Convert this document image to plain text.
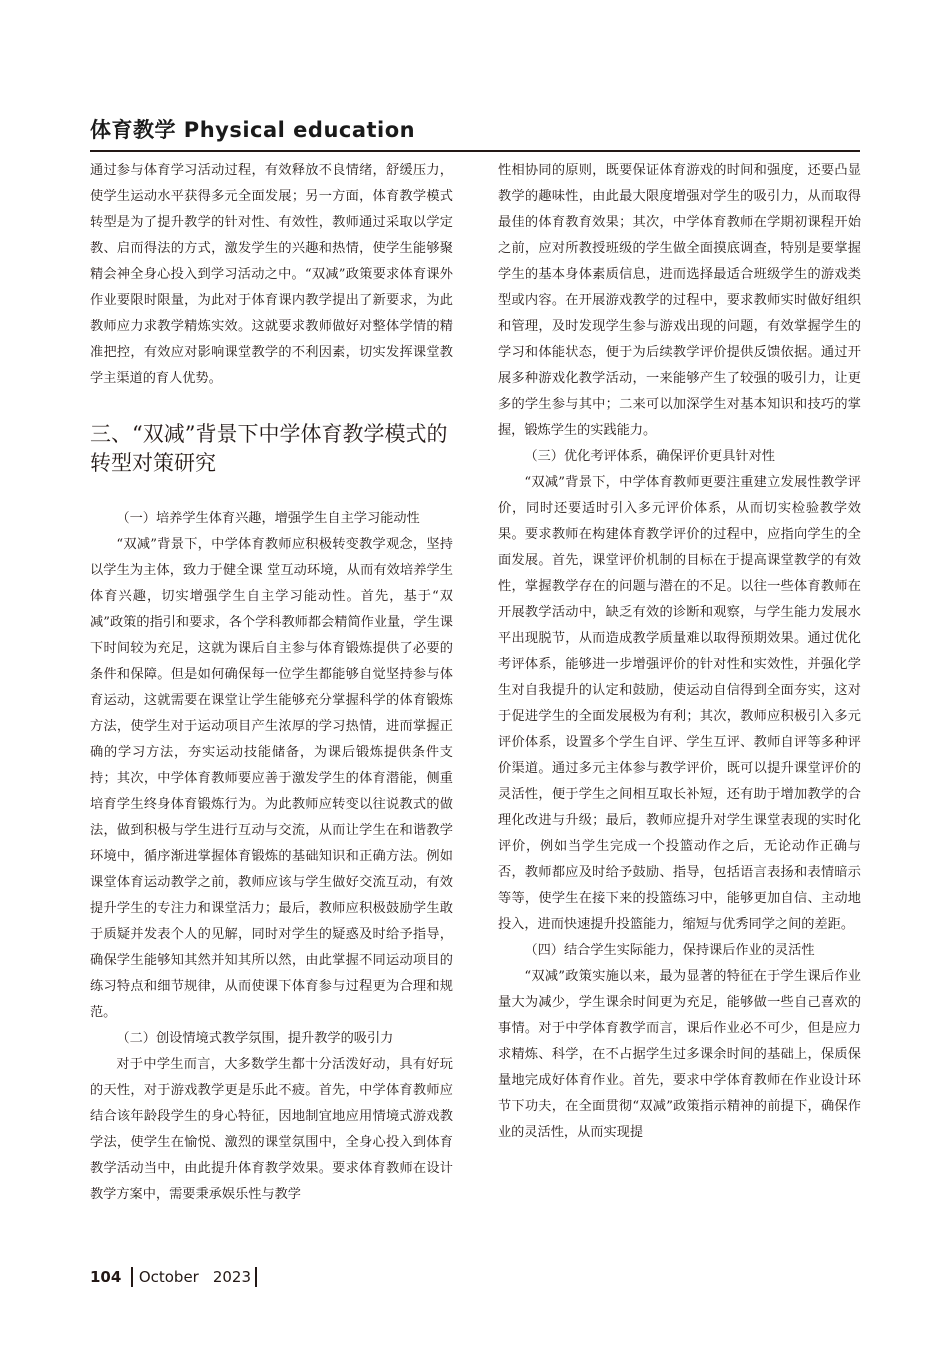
体育教学 Physical education

通过参与体育学习活动过程，有效释放不良情绪，舒缓压力，使学生运动水平获得多元全面发展；另一方面，体育教学模式转型是为了提升教学的针对性、有效性，教师通过采取以学定教、启而得法的方式，激发学生的兴趣和热情，使学生能够聚精会神全身心投入到学习活动之中。“双减”政策要求体育课外作业要限时限量，为此对于体育课内教学提出了新要求，为此教师应力求教学精炼实效。这就要求教师做好对整体学情的精准把控，有效应对影响课堂教学的不利因素，切实发挥课堂教学主渠道的育人优势。

三、“双减”背景下中学体育教学模式的转型对策研究

（一）培养学生体育兴趣，增强学生自主学习能动性

“双减”背景下，中学体育教师应积极转变教学观念，坚持以学生为主体，致力于健全课 堂互动环境，从而有效培养学生体育兴趣，切实增强学生自主学习能动性。首先，基于“双减”政策的指引和要求，各个学科教师都会精简作业量，学生课下时间较为充足，这就为课后自主参与体育锻炼提供了必要的条件和保障。但是如何确保每一位学生都能够自觉坚持参与体育运动，这就需要在课堂让学生能够充分掌握科学的体育锻炼方法，使学生对于运动项目产生浓厚的学习热情，进而掌握正确的学习方法，夯实运动技能储备，为课后锻炼提供条件支持；其次，中学体育教师要应善于激发学生的体育潜能，侧重培育学生终身体育锻炼行为。为此教师应转变以往说教式的做法，做到积极与学生进行互动与交流，从而让学生在和谐教学环境中，循序渐进掌握体育锻炼的基础知识和正确方法。例如课堂体育运动教学之前，教师应该与学生做好交流互动，有效提升学生的专注力和课堂活力；最后，教师应积极鼓励学生敢于质疑并发表个人的见解，同时对学生的疑惑及时给予指导，确保学生能够知其然并知其所以然，由此掌握不同运动项目的练习特点和细节规律，从而使课下体育参与过程更为合理和规范。

（二）创设情境式教学氛围，提升教学的吸引力

对于中学生而言，大多数学生都十分活泼好动，具有好玩的天性，对于游戏教学更是乐此不疲。首先，中学体育教师应结合该年龄段学生的身心特征，因地制宜地应用情境式游戏教学法，使学生在愉悦、激烈的课堂氛围中，全身心投入到体育教学活动当中，由此提升体育教学效果。要求体育教师在设计教学方案中，需要秉承娱乐性与教学

性相协同的原则，既要保证体育游戏的时间和强度，还要凸显教学的趣味性，由此最大限度增强对学生的吸引力，从而取得最佳的体育教育效果；其次，中学体育教师在学期初课程开始之前，应对所教授班级的学生做全面摸底调查，特别是要掌握学生的基本身体素质信息，进而选择最适合班级学生的游戏类型或内容。在开展游戏教学的过程中，要求教师实时做好组织和管理，及时发现学生参与游戏出现的问题，有效掌握学生的学习和体能状态，便于为后续教学评价提供反馈依据。通过开展多种游戏化教学活动，一来能够产生了较强的吸引力，让更多的学生参与其中；二来可以加深学生对基本知识和技巧的掌握，锻炼学生的实践能力。

（三）优化考评体系，确保评价更具针对性

“双减”背景下，中学体育教师更要注重建立发展性教学评价，同时还要适时引入多元评价体系，从而切实检验教学效果。要求教师在构建体育教学评价的过程中，应指向学生的全面发展。首先，课堂评价机制的目标在于提高课堂教学的有效性，掌握教学存在的问题与潜在的不足。以往一些体育教师在开展教学活动中，缺乏有效的诊断和观察，与学生能力发展水平出现脱节，从而造成教学质量难以取得预期效果。通过优化考评体系，能够进一步增强评价的针对性和实效性，并强化学生对自我提升的认定和鼓励，使运动自信得到全面夯实，这对于促进学生的全面发展极为有利；其次，教师应积极引入多元评价体系，设置多个学生自评、学生互评、教师自评等多种评价渠道。通过多元主体参与教学评价，既可以提升课堂评价的灵活性，便于学生之间相互取长补短，还有助于增加教学的合理化改进与升级；最后，教师应提升对学生课堂表现的实时化评价，例如当学生完成一个投篮动作之后，无论动作正确与否，教师都应及时给予鼓励、指导，包括语言表扬和表情暗示等等，使学生在接下来的投篮练习中，能够更加自信、主动地投入，进而快速提升投篮能力，缩短与优秀同学之间的差距。

（四）结合学生实际能力，保持课后作业的灵活性

“双减”政策实施以来，最为显著的特征在于学生课后作业量大为减少，学生课余时间更为充足，能够做一些自己喜欢的事情。对于中学体育教学而言，课后作业必不可少，但是应力求精炼、科学，在不占据学生过多课余时间的基础上，保质保量地完成好体育作业。首先，要求中学体育教师在作业设计环节下功夫，在全面贯彻“双减”政策指示精神的前提下，确保作业的灵活性，从而实现提

104 October 2023
